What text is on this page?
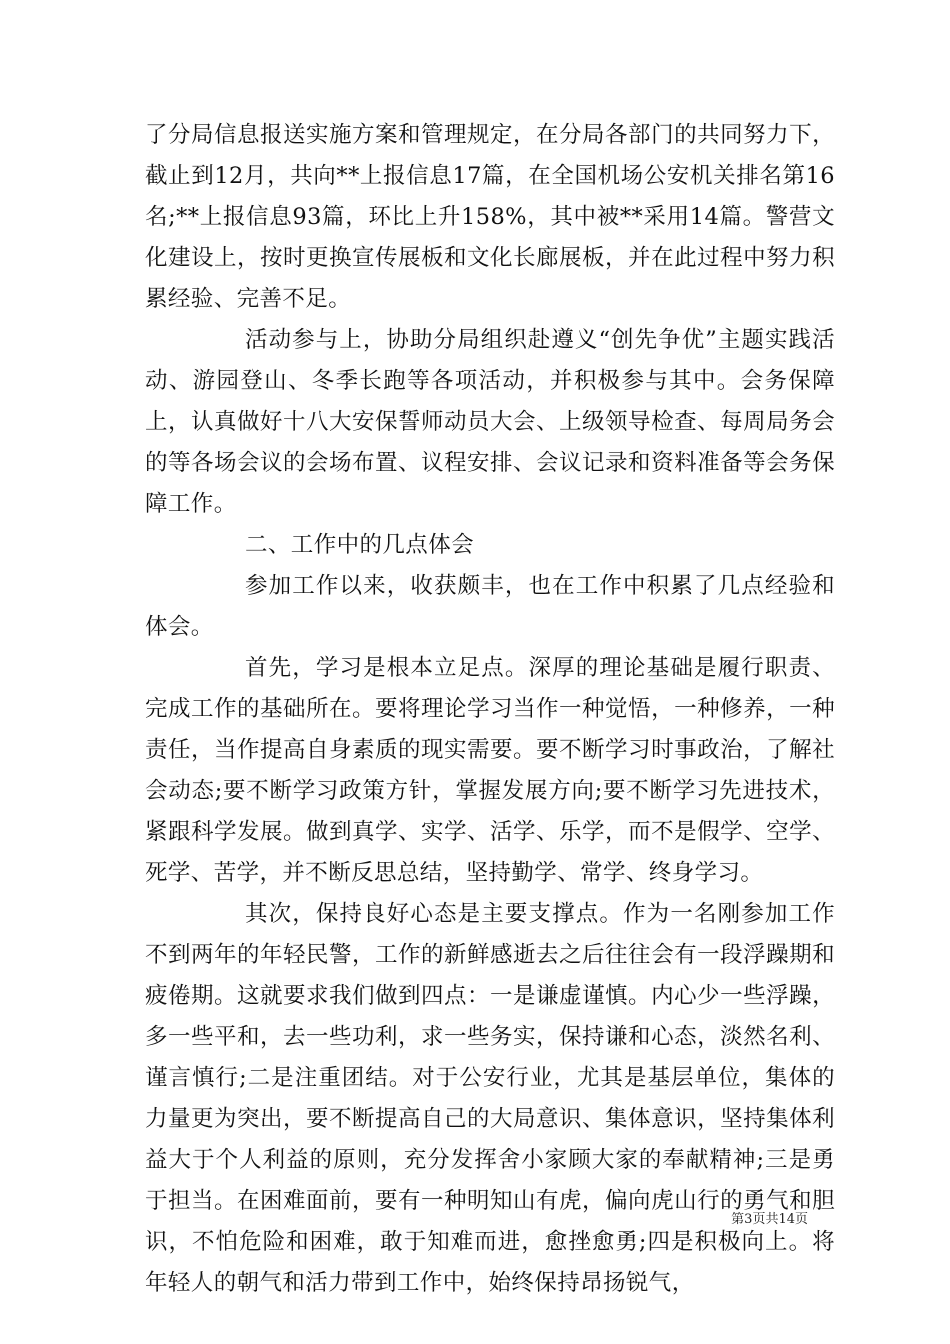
了分局信息报送实施方案和管理规定，在分局各部门的共同努力下，截止到12月，共向**上报信息17篇，在全国机场公安机关排名第16名;**上报信息93篇，环比上升158%，其中被**采用14篇。警营文化建设上，按时更换宣传展板和文化长廊展板，并在此过程中努力积累经验、完善不足。

活动参与上，协助分局组织赴遵义“创先争优”主题实践活动、游园登山、冬季长跑等各项活动，并积极参与其中。会务保障上，认真做好十八大安保誓师动员大会、上级领导检查、每周局务会的等各场会议的会场布置、议程安排、会议记录和资料准备等会务保障工作。

二、工作中的几点体会

参加工作以来，收获颇丰，也在工作中积累了几点经验和体会。

首先，学习是根本立足点。深厚的理论基础是履行职责、完成工作的基础所在。要将理论学习当作一种觉悟，一种修养，一种责任，当作提高自身素质的现实需要。要不断学习时事政治，了解社会动态;要不断学习政策方针，掌握发展方向;要不断学习先进技术，紧跟科学发展。做到真学、实学、活学、乐学，而不是假学、空学、死学、苦学，并不断反思总结，坚持勤学、常学、终身学习。

其次，保持良好心态是主要支撑点。作为一名刚参加工作不到两年的年轻民警，工作的新鲜感逝去之后往往会有一段浮躁期和疲倦期。这就要求我们做到四点：一是谦虚谨慎。内心少一些浮躁，多一些平和，去一些功利，求一些务实，保持谦和心态，淡然名利、谨言慎行;二是注重团结。对于公安行业，尤其是基层单位，集体的力量更为突出，要不断提高自己的大局意识、集体意识，坚持集体利益大于个人利益的原则，充分发挥舍小家顾大家的奉献精神;三是勇于担当。在困难面前，要有一种明知山有虎，偏向虎山行的勇气和胆识，不怕危险和困难，敢于知难而进，愈挫愈勇;四是积极向上。将年轻人的朝气和活力带到工作中，始终保持昂扬锐气，

第3页共14页
